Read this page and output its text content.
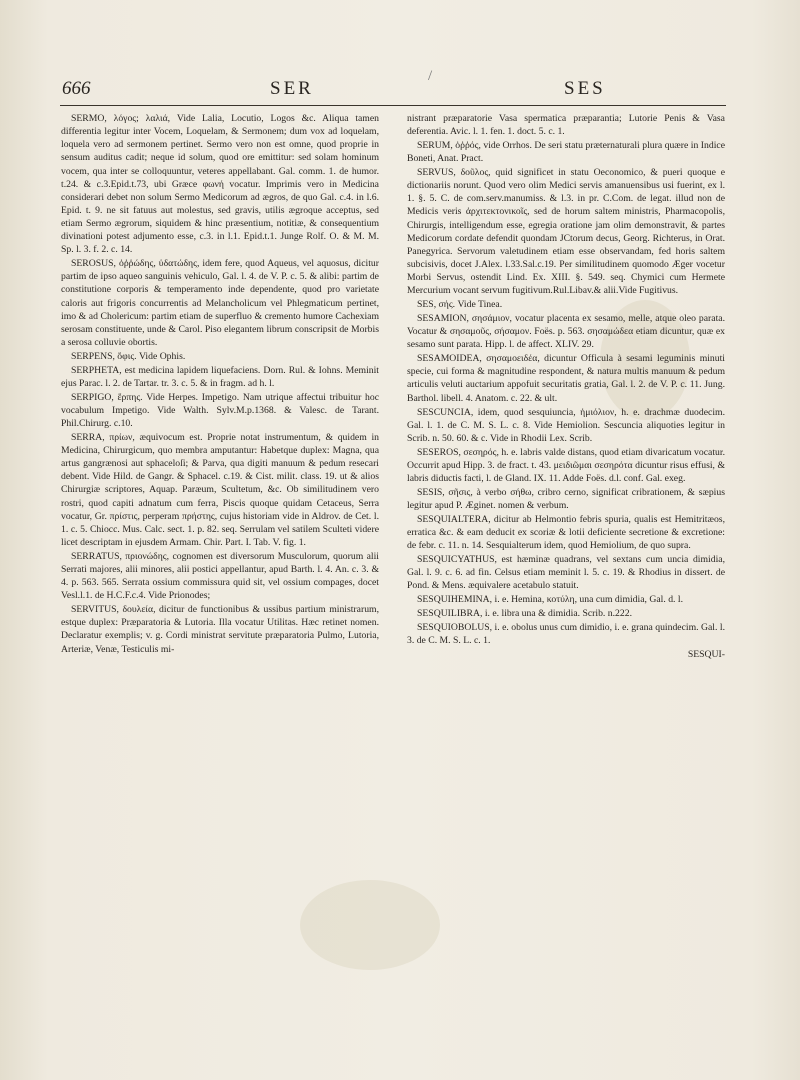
666	SER
/
SES

SERMO, λόγος; λαλιά, Vide Lalia, Locutio, Logos &c. Aliqua tamen differentia legitur inter Vocem, Loquelam, & Sermonem; dum vox ad loquelam, loquela vero ad sermonem pertinet. Sermo vero non est omne, quod proprie in sensum auditus cadit; neque id solum, quod ore emittitur: sed solam hominum vocem, qua inter se colloquuntur, veteres appellabant. Gal. comm. 1. de humor. t.24. & c.3.Epid.t.73, ubi Græce φωνή vocatur. Imprimis vero in Medicina considerari debet non solum Sermo Medicorum ad ægros, de quo Gal. c.4. in l.6. Epid. t. 9. ne sit fatuus aut molestus, sed gravis, utilis ægroque acceptus, sed etiam Sermo ægrorum, siquidem & hinc præsentium, notitiæ, & consequentium divinationi potest adjumento esse, c.3. in l.1. Epid.t.1. Junge Rolf. O. & M. M. Sp. l. 3. f. 2. c. 14.

SEROSUS, ὀῤῥώδης, ὑδατώδης, idem fere, quod Aqueus, vel aquosus, dicitur partim de ipso aqueo sanguinis vehiculo, Gal. l. 4. de V. P. c. 5. & alibi: partim de constitutione corporis & temperamento inde dependente, quod pro varietate caloris aut frigoris concurrentis ad Melancholicum vel Phlegmaticum pertinet, imo & ad Cholericum: partim etiam de superfluo & cremento humore Cachexiam serosam constituente, unde & Carol. Piso elegantem librum conscripsit de Morbis a serosa colluvie obortis.

SERPENS, ὄφις. Vide Ophis.

SERPHETA, est medicina lapidem liquefaciens. Dorn. Rul. & Iohns. Meminit ejus Parac. l. 2. de Tartar. tr. 3. c. 5. & in fragm. ad h. l.

SERPIGO, ἕρπης. Vide Herpes. Impetigo. Nam utrique affectui tribuitur hoc vocabulum Impetigo. Vide Walth. Sylv.M.p.1368. & Valesc. de Tarant. Phil.Chirurg. c.10.

SERRA, πρίων, æquivocum est. Proprie notat instrumentum, & quidem in Medicina, Chirurgicum, quo membra amputantur: Habetque duplex: Magna, qua artus gangrænosi aut sphaceloſi; & Parva, qua digiti manuum & pedum resecari debent. Vide Hild. de Gangr. & Sphacel. c.19. & Cist. milit. class. 19. ut & alios Chirurgiæ scriptores, Aquap. Paræum, Scultetum, &c. Ob similitudinem vero rostri, quod capiti adnatum cum ferra, Piscis quoque quidam Cetaceus, Serra vocatur, Gr. πρίστις, perperam πρήστης, cujus historiam vide in Aldrov. de Cet. l. 1. c. 5. Chiocc. Mus. Calc. sect. 1. p. 82. seq. Serrulam vel satilem Sculteti videre licet descriptam in ejusdem Armam. Chir. Part. I. Tab. V. fig. 1.

SERRATUS, πριονώδης, cognomen est diversorum Musculorum, quorum alii Serrati majores, alii minores, alii postici appellantur, apud Barth. l. 4. An. c. 3. & 4. p. 563. 565. Serrata ossium commissura quid sit, vel ossium compages, docet Vesl.l.1. de H.C.F.c.4. Vide Prionodes;

SERVITUS, δουλεία, dicitur de functionibus & ussibus partium ministrarum, estque duplex: Præparatoria & Lutoria. Illa vocatur Utilitas. Hæc retinet nomen. Declaratur exemplis; v. g. Cordi ministrat servitute præparatoria Pulmo, Lutoria, Arteriæ, Venæ, Testiculis mi-

nistrant præparatorie Vasa spermatica præparantia; Lutorie Penis & Vasa deferentia. Avic. l. 1. fen. 1. doct. 5. c. 1.

SERUM, ὀῤῥός, vide Orrhos. De seri statu præternaturali plura quære in Indice Boneti, Anat. Pract.

SERVUS, δοῦλος, quid significet in statu Oeconomico, & pueri quoque e dictionariis norunt. Quod vero olim Medici servis amanuensibus usi fuerint, ex l. 1. §. 5. C. de com.serv.manumiss. & l.3. in pr. C.Com. de legat. illud non de Medicis veris ἀρχιτεκτονικοῖς, sed de horum saltem ministris, Pharmacopolis, Chirurgis, intelligendum esse, egregia oratione jam olim demonstravit, & partes Medicorum cordate defendit quondam JCtorum decus, Georg. Richterus, in Orat. Panegyrica. Servorum valetudinem etiam esse observandam, fed horis saltem subcisivis, docet J.Alex. l.33.Sal.c.19. Per similitudinem quomodo Æger vocetur Morbi Servus, ostendit Lind. Ex. XIII. §. 549. seq. Chymici cum Hermete Mercurium vocant servum fugitivum.Rul.Libav.& alii.Vide Fugitivus.

SES, σής. Vide Tinea.

SESAMION, σησάμιον, vocatur placenta ex sesamo, melle, atque oleo parata. Vocatur & σησαμοῦς, σήσαμον. Foës. p. 563. σησαμώδεα etiam dicuntur, quæ ex sesamo sunt parata. Hipp. l. de affect. XLIV. 29.

SESAMOIDEA, σησαμοειδέα, dicuntur Officula à sesami leguminis minuti specie, cui forma & magnitudine respondent, & natura multis manuum & pedum articulis veluti auctarium appofuit securitatis gratia, Gal. l. 2. de V. P. c. 11. Jung. Barthol. libell. 4. Anatom. c. 22. & ult.

SESCUNCIA, idem, quod sesquiuncia, ἡμιόλιον, h. e. drachmæ duodecim. Gal. l. 1. de C. M. S. L. c. 8. Vide Hemiolion. Sescuncia aliquoties legitur in Scrib. n. 50. 60. & c. Vide in Rhodii Lex. Scrib.

SESEROS, σεσηρός, h. e. labris valde distans, quod etiam divaricatum vocatur. Occurrit apud Hipp. 3. de fract. t. 43. μειδιῶμαι σεσηρότα dicuntur risus effusi, & labris diductis facti, l. de Gland. IX. 11. Adde Foës. d.l. conf. Gal. exeg.

SESIS, σῆσις, à verbo σήθω, cribro cerno, significat cribrationem, & sæpius legitur apud P. Æginet. nomen & verbum.

SESQUIALTERA, dicitur ab Helmontio febris spuria, qualis est Hemitritæos, erratica &c. & eam deducit ex scoriæ & lotii deficiente secretione & excretione: de febr. c. 11. n. 14. Sesquialterum idem, quod Hemiolium, de quo supra.

SESQUICYATHUS, est hæminæ quadrans, vel sextans cum uncia dimidia, Gal. l. 9. c. 6. ad fin. Celsus etiam meminit l. 5. c. 19. & Rhodius in dissert. de Pond. & Mens. æquivalere acetabulo statuit.

SESQUIHEMINA, i. e. Hemina, κοτύλη, una cum dimidia, Gal. d. l.

SESQUILIBRA, i. e. libra una & dimidia. Scrib. n.222.

SESQUIOBOLUS, i. e. obolus unus cum dimidio, i. e. grana quindecim. Gal. l. 3. de C. M. S. L. c. 1.

SESQUI-
